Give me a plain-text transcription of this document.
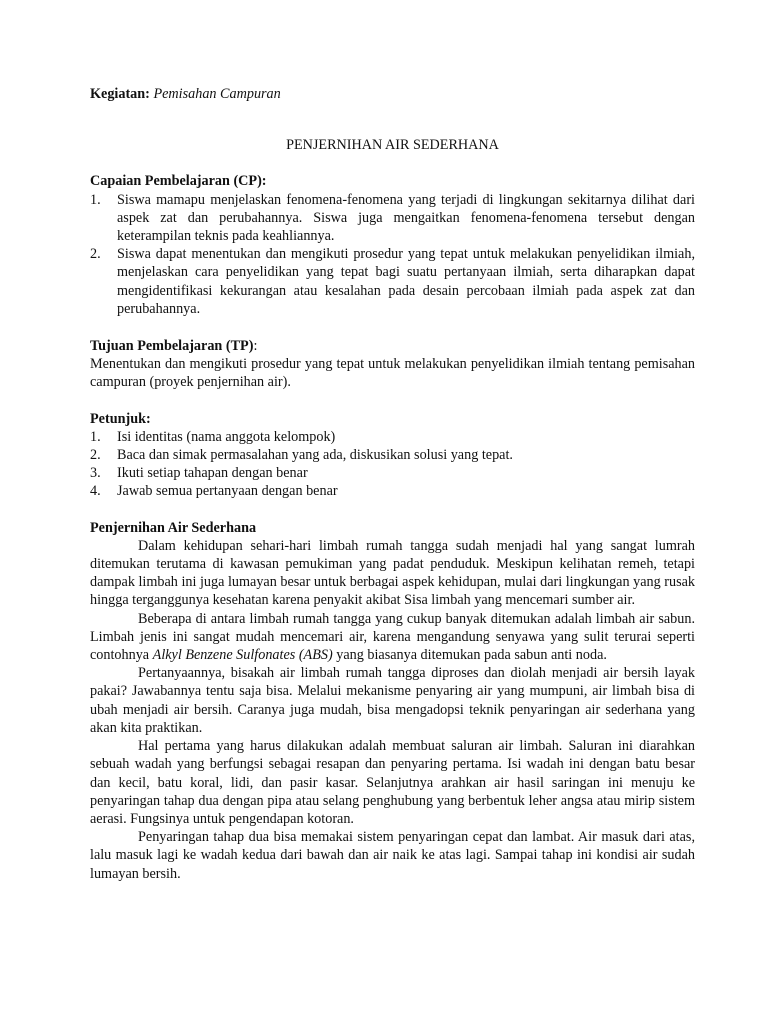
Kegiatan: Pemisahan Campuran

PENJERNIHAN AIR SEDERHANA

Capaian Pembelajaran (CP):

1. Siswa mamapu menjelaskan fenomena-fenomena yang terjadi di lingkungan sekitarnya dilihat dari aspek zat dan perubahannya. Siswa juga mengaitkan fenomena-fenomena tersebut dengan keterampilan teknis pada keahliannya.
2. Siswa dapat menentukan dan mengikuti prosedur yang tepat untuk melakukan penyelidikan ilmiah, menjelaskan cara penyelidikan yang tepat bagi suatu pertanyaan ilmiah, serta diharapkan dapat mengidentifikasi kekurangan atau kesalahan pada desain percobaan ilmiah pada aspek zat dan perubahannya.

Tujuan Pembelajaran (TP):

Menentukan dan mengikuti prosedur yang tepat untuk melakukan penyelidikan ilmiah tentang pemisahan campuran (proyek penjernihan air).

Petunjuk:

1. Isi identitas (nama anggota kelompok)
2. Baca dan simak permasalahan yang ada, diskusikan solusi yang tepat.
3. Ikuti setiap tahapan dengan benar
4. Jawab semua pertanyaan dengan benar

Penjernihan Air Sederhana

Dalam kehidupan sehari-hari limbah rumah tangga sudah menjadi hal yang sangat lumrah ditemukan terutama di kawasan pemukiman yang padat penduduk. Meskipun kelihatan remeh, tetapi dampak limbah ini juga lumayan besar untuk berbagai aspek kehidupan, mulai dari lingkungan yang rusak hingga terganggunya kesehatan karena penyakit akibat Sisa limbah yang mencemari sumber air.

Beberapa di antara limbah rumah tangga yang cukup banyak ditemukan adalah limbah air sabun. Limbah jenis ini sangat mudah mencemari air, karena mengandung senyawa yang sulit terurai seperti contohnya Alkyl Benzene Sulfonates (ABS) yang biasanya ditemukan pada sabun anti noda.

Pertanyaannya, bisakah air limbah rumah tangga diproses dan diolah menjadi air bersih layak pakai? Jawabannya tentu saja bisa. Melalui mekanisme penyaring air yang mumpuni, air limbah bisa di ubah menjadi air bersih. Caranya juga mudah, bisa mengadopsi teknik penyaringan air sederhana yang akan kita praktikan.

Hal pertama yang harus dilakukan adalah membuat saluran air limbah. Saluran ini diarahkan sebuah wadah yang berfungsi sebagai resapan dan penyaring pertama. Isi wadah ini dengan batu besar dan kecil, batu koral, lidi, dan pasir kasar. Selanjutnya arahkan air hasil saringan ini menuju ke penyaringan tahap dua dengan pipa atau selang penghubung yang berbentuk leher angsa atau mirip sistem aerasi. Fungsinya untuk pengendapan kotoran.

Penyaringan tahap dua bisa memakai sistem penyaringan cepat dan lambat. Air masuk dari atas, lalu masuk lagi ke wadah kedua dari bawah dan air naik ke atas lagi. Sampai tahap ini kondisi air sudah lumayan bersih.
